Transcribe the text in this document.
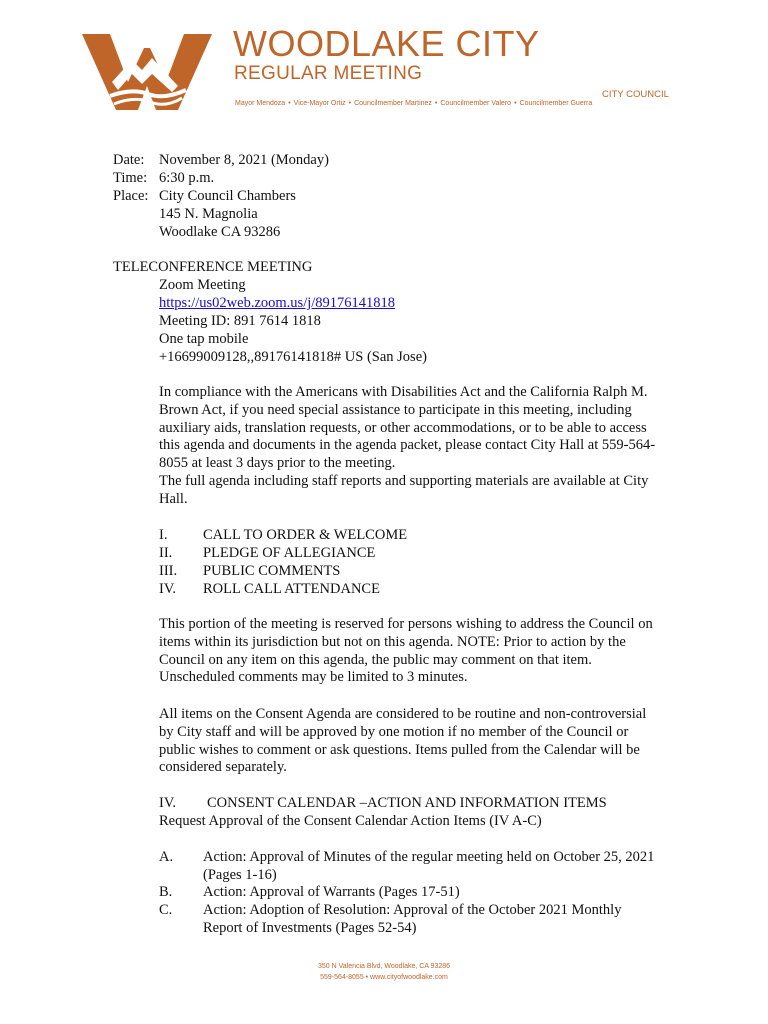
WOODLAKE CITY
REGULAR MEETING
CITY COUNCIL
Mayor Mendoza • Vice-Mayor Ortiz • Councilmember Martinez • Councilmember Valero • Councilmember Guerra
Date: November 8, 2021 (Monday)
Time: 6:30 p.m.
Place: City Council Chambers
145 N. Magnolia
Woodlake CA 93286
TELECONFERENCE MEETING
Zoom Meeting
https://us02web.zoom.us/j/89176141818
Meeting ID: 891 7614 1818
One tap mobile
+16699009128,,89176141818# US (San Jose)
In compliance with the Americans with Disabilities Act and the California Ralph M. Brown Act, if you need special assistance to participate in this meeting, including auxiliary aids, translation requests, or other accommodations, or to be able to access this agenda and documents in the agenda packet, please contact City Hall at 559-564-8055 at least 3 days prior to the meeting.
The full agenda including staff reports and supporting materials are available at City Hall.
I. CALL TO ORDER & WELCOME
II. PLEDGE OF ALLEGIANCE
III. PUBLIC COMMENTS
IV. ROLL CALL ATTENDANCE
This portion of the meeting is reserved for persons wishing to address the Council on items within its jurisdiction but not on this agenda. NOTE: Prior to action by the Council on any item on this agenda, the public may comment on that item. Unscheduled comments may be limited to 3 minutes.
All items on the Consent Agenda are considered to be routine and non-controversial by City staff and will be approved by one motion if no member of the Council or public wishes to comment or ask questions. Items pulled from the Calendar will be considered separately.
IV. CONSENT CALENDAR –ACTION AND INFORMATION ITEMS
Request Approval of the Consent Calendar Action Items (IV A-C)
A. Action: Approval of Minutes of the regular meeting held on October 25, 2021 (Pages 1-16)
B. Action: Approval of Warrants (Pages 17-51)
C. Action: Adoption of Resolution: Approval of the October 2021 Monthly Report of Investments (Pages 52-54)
350 N Valencia Blvd, Woodlake, CA 93286
559-564-8055 • www.cityofwoodlake.com
